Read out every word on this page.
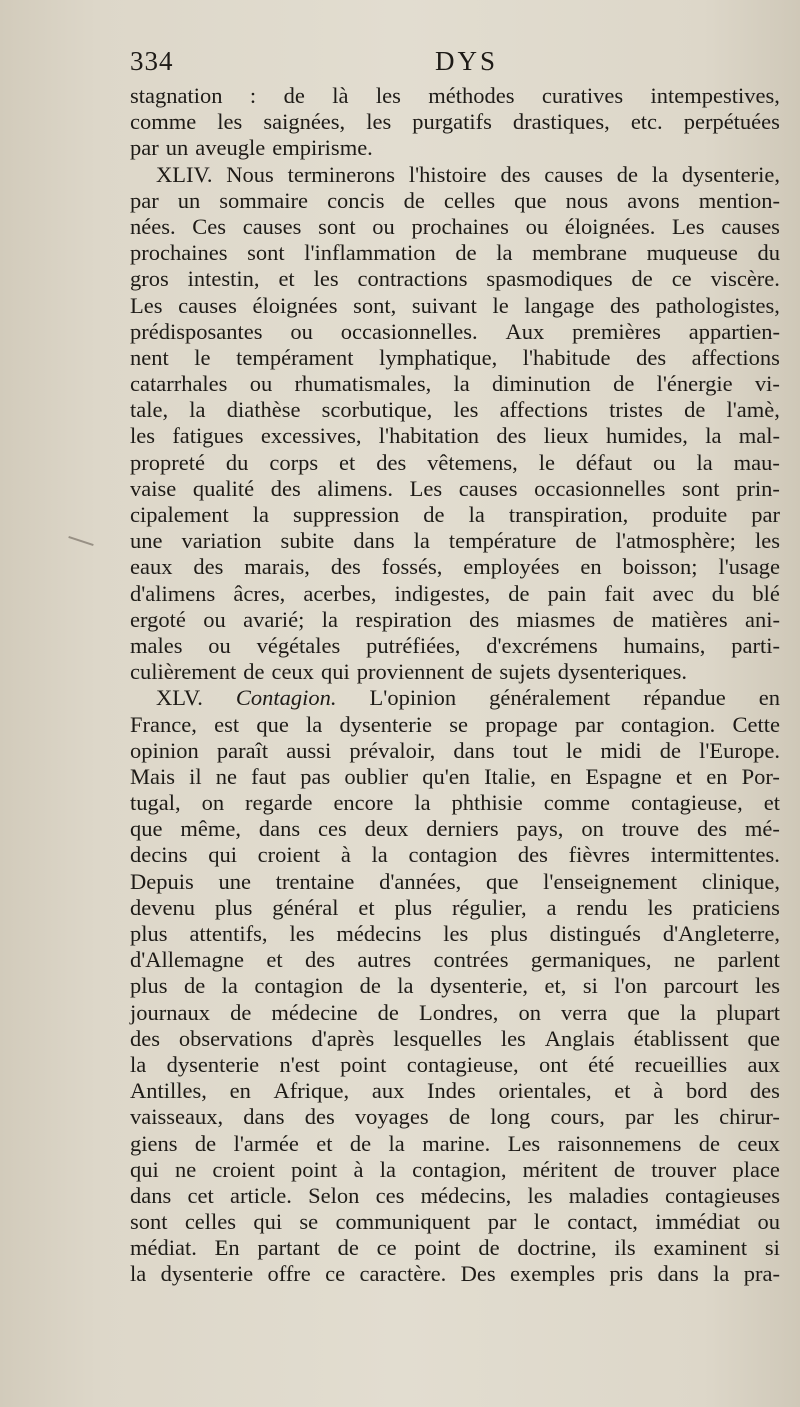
334	DYS
stagnation : de là les méthodes curatives intempestives,
comme les saignées, les purgatifs drastiques, etc. perpétuées
par un aveugle empirisme.
XLIV. Nous terminerons l'histoire des causes de la dysenterie,
par un sommaire concis de celles que nous avons mention-
nées. Ces causes sont ou prochaines ou éloignées. Les causes
prochaines sont l'inflammation de la membrane muqueuse du
gros intestin, et les contractions spasmodiques de ce viscère.
Les causes éloignées sont, suivant le langage des pathologistes,
prédisposantes ou occasionnelles. Aux premières appartien-
nent le tempérament lymphatique, l'habitude des affections
catarrhales ou rhumatismales, la diminution de l'énergie vi-
tale, la diathèse scorbutique, les affections tristes de l'amè,
les fatigues excessives, l'habitation des lieux humides, la mal-
propreté du corps et des vêtemens, le défaut ou la mau-
vaise qualité des alimens. Les causes occasionnelles sont prin-
cipalement la suppression de la transpiration, produite par
une variation subite dans la température de l'atmosphère; les
eaux des marais, des fossés, employées en boisson; l'usage
d'alimens âcres, acerbes, indigestes, de pain fait avec du blé
ergoté ou avarié; la respiration des miasmes de matières ani-
males ou végétales putréfiées, d'excrémens humains, parti-
culièrement de ceux qui proviennent de sujets dysenteriques.
XLV. Contagion. L'opinion généralement répandue en
France, est que la dysenterie se propage par contagion. Cette
opinion paraît aussi prévaloir, dans tout le midi de l'Europe.
Mais il ne faut pas oublier qu'en Italie, en Espagne et en Por-
tugal, on regarde encore la phthisie comme contagieuse, et
que même, dans ces deux derniers pays, on trouve des mé-
decins qui croient à la contagion des fièvres intermittentes.
Depuis une trentaine d'années, que l'enseignement clinique,
devenu plus général et plus régulier, a rendu les praticiens
plus attentifs, les médecins les plus distingués d'Angleterre,
d'Allemagne et des autres contrées germaniques, ne parlent
plus de la contagion de la dysenterie, et, si l'on parcourt les
journaux de médecine de Londres, on verra que la plupart
des observations d'après lesquelles les Anglais établissent que
la dysenterie n'est point contagieuse, ont été recueillies aux
Antilles, en Afrique, aux Indes orientales, et à bord des
vaisseaux, dans des voyages de long cours, par les chirur-
giens de l'armée et de la marine. Les raisonnemens de ceux
qui ne croient point à la contagion, méritent de trouver place
dans cet article. Selon ces médecins, les maladies contagieuses
sont celles qui se communiquent par le contact, immédiat ou
médiat. En partant de ce point de doctrine, ils examinent si
la dysenterie offre ce caractère. Des exemples pris dans la pra-
